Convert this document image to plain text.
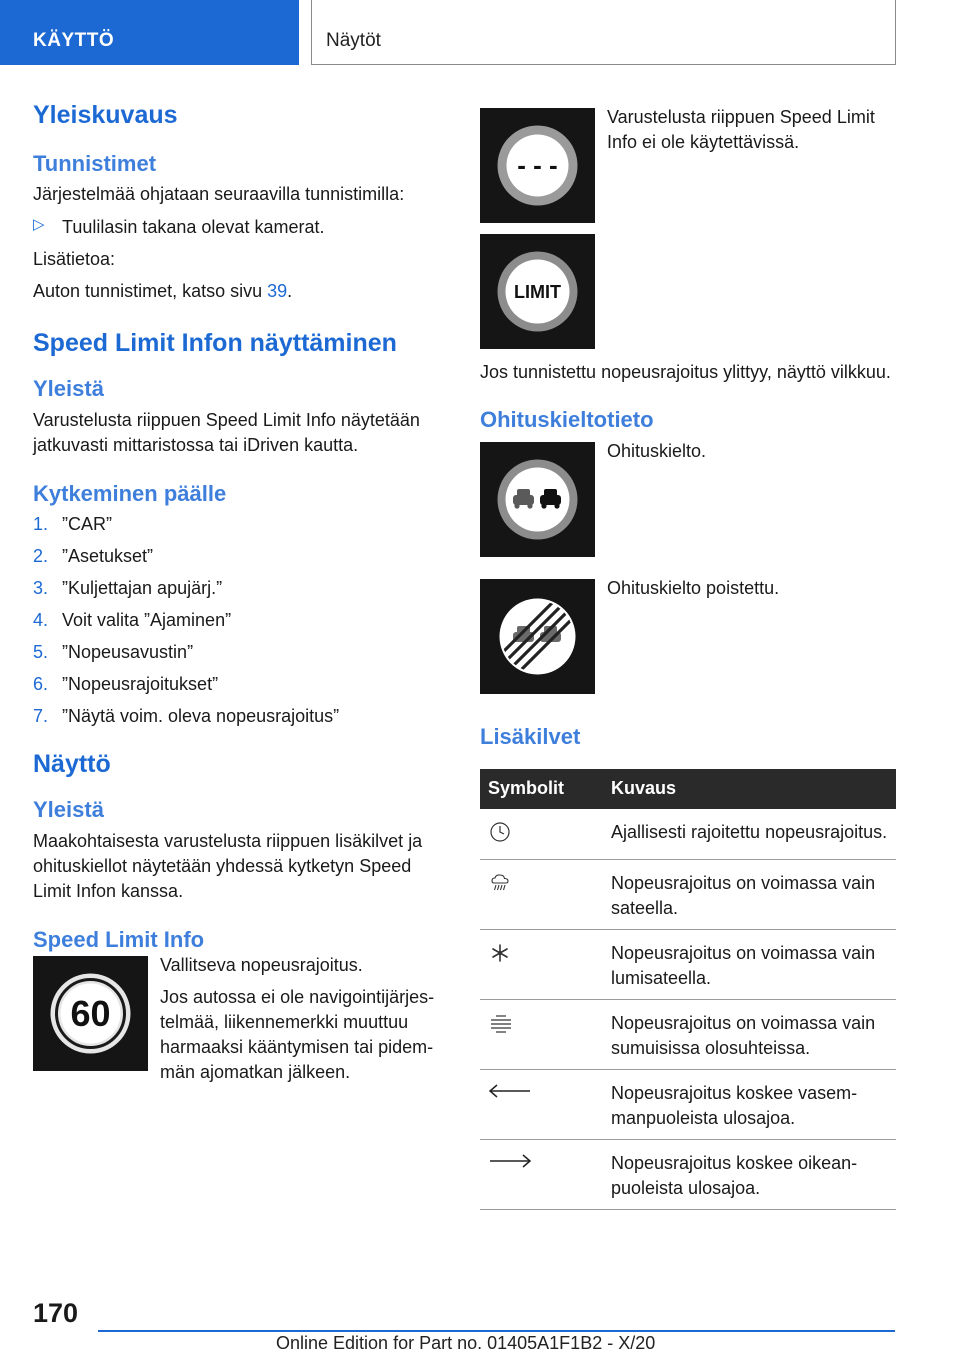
KÄYTTÖ	Näytöt
Yleiskuvaus
Tunnistimet

Järjestelmää ohjataan seuraavilla tunnistimilla:

▷ Tuulilasin takana olevat kamerat.

Lisätietoa:

Auton tunnistimet, katso sivu 39.

Speed Limit Infon näyttäminen
Yleistä

Varustelusta riippuen Speed Limit Info näytetään jatkuvasti mittaristossa tai iDriven kautta.

Kytkeminen päälle
1. ”CAR”
2. ”Asetukset”
3. ”Kuljettajan apujärj.”
4. Voit valita ”Ajaminen”
5. ”Nopeusavustin”
6. ”Nopeusrajoitukset”
7. ”Näytä voim. oleva nopeusrajoitus”
Näyttö
Yleistä

Maakohtaisesta varustelusta riippuen lisäkilvet ja ohituskiellot näytetään yhdessä kytketyn Speed Limit Infon kanssa.

Speed Limit Info
60

Vallitseva nopeusrajoitus.

Jos autossa ei ole navigointijärjestelmää, liikennemerkki muuttuu harmaaksi kääntymisen tai pidemmän ajomatkan jälkeen.

- - -

Varustelusta riippuen Speed Limit Info ei ole käytettävissä.

LIMIT

Jos tunnistettu nopeusrajoitus ylittyy, näyttö vilkkuu.

Ohituskieltotieto

Ohituskielto.

Ohituskielto poistettu.

Lisäkilvet
Symbolit	Kuvaus
	Ajallisesti rajoitettu nopeusrajoitus.
	Nopeusrajoitus on voimassa vain sateella.
	Nopeusrajoitus on voimassa vain lumisateella.
	Nopeusrajoitus on voimassa vain sumuisissa olosuhteissa.
	Nopeusrajoitus koskee vasemmanpuoleista ulosajoa.
	Nopeusrajoitus koskee oikeanpuoleista ulosajoa.
170
Online Edition for Part no. 01405A1F1B2 - X/20
